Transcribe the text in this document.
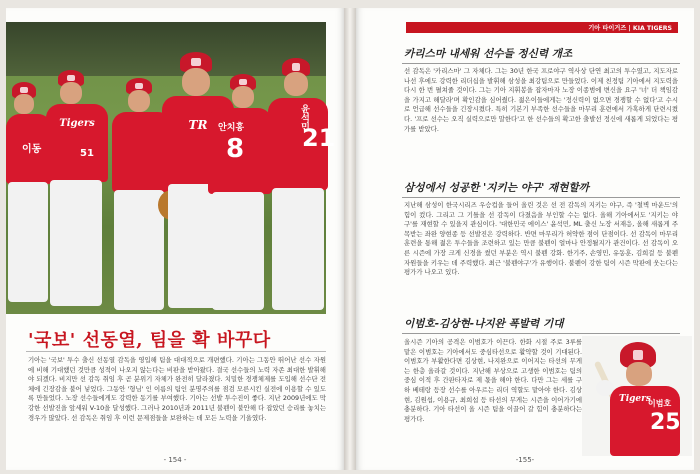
이동
Tigers
51
TR	안치홍
8
윤석민
21
'국보' 선동열, 팀을 확 바꾸다
기아는 '국보' 투수 출신 선동열 감독을 영입해 팀을 대대적으로 개편했다. 기아는 그동안 뛰어난 선수 자원에 비해 기대했던 것만큼 성적이 나오지 않는다는 비판을 받아왔다. 결국 선수들의 노력 자존 최대한 발휘해야 되겠다. 비지만 선 감독 취임 후 곧 분위기 자체가 완전히 달라졌다. 치밀한 경쟁체제를 도입해 선수단 전체에 긴장감을 불어 넣었다. 그동안 '형님' 인 이름의 팀인 분명주의를 점검 모른시킨 실전에 이용할 수 있도록 만들었다. 노장 선수들에게도 강력한 동기를 부여했다. 기아는 선발 투수진이 좋다. 지난 2009년에도 막강한 선발진을 앞세워 V-10을 달성했다. 그러나 2010년과 2011년 불펜이 불안해 다 잡았던 승리를 놓치는 경우가 많았다. 선 감독은 취임 후 이런 문제점들을 보완하는 데 모든 노력을 기울였다.
- 154 -
기아 타이거즈 | KIA TIGERS
카리스마 내세워 선수들 정신력 개조
선 감독은 '카리스마' 그 자체다. 그는 30년 한국 프로야구 역사상 단연 최고의 투수였고, 지도자로 나선 후에도 강력한 리더십을 발휘해 삼성을 최강팀으로 만들었다. 이제 친정팀 기아에서 지도력을 다시 한 번 펼쳐줄 것이다. 그는 기아 지휘봉을 잡자마자 노장 이종범에 변신을 요구 '너' 더 책임감을 가지고 해달라'며 확인감을 심어줬다. 젊은이들에게는 '정신력이 없으면 경쟁할 수 없다'고 수시로 언급해 선수들을 긴장시켰다. 특히 기본기 부족한 선수들을 마무리 훈련에서 가혹하게 단련시켰다. '프로 선수는 오직 실력으로만 말한다'고 한 선수들의 확고한 출발선 정신에 새롭게 되었다는 평가를 받았다.
삼성에서 성공한 '지키는 야구' 재현할까
지난해 삼성이 한국시리즈 우승컵을 들어 올린 것은 선 전 감독의 지키는 야구, 즉 '철벽 마운드'의 힘이 컸다. 그리고 그 기틀을 선 감독이 다졌음을 부인할 수는 없다. 올해 기아에서도 '지키는 야구'를 재현할 수 있을지 관심이다. '대한민국 에이스' 윤석민, ML 출신 노장 서재응, 올해 새롭게 주목받는 좌완 양현종 등 선발진은 강력하다. 반면 마무리가 허약한 점이 단점이다. 선 감독이 마무리 훈련을 통해 젊은 투수들을 조련하고 있는 만큼 불펜이 얼마나 안정될지가 관건이다. 선 감독이 오른 시즌에 가장 크게 신경을 썼던 부분은 역시 불펜 강화. 한기주, 손영민, 유동훈, 김희걸 등 불펜 자원들을 키우는 데 주력했다. 최근 '불펜야구'가 유행이다. 불펜이 강한 팀이 시즌 막판에 웃는다는 평가가 나오고 있다.
이범호-김상현-나지완 폭발력 기대
올시즌 기아의 공격은 이범호가 이끈다. 한화 시절 주로 3루를 맡은 이범호는 기아에서도 중심타선으로 활약할 것이 기대된다. 이범호가 부활한다면 김상현, 나지완으로 이어지는 타선의 무게는 한층 올라갈 것이다. 지난해 부상으로 고생한 이범호는 팀의 중심 이적 후 간판타자로 제 몫을 해야 한다. 다만 그는 세를 구하 베테랑 등장 선수를 아우르는 리더 역할도 맡아야 한다. 김상현, 김원섭, 이용규, 최희섭 등 타선의 무게는 시즌을 이어가기에 충분하다. 기아 타선이 올 시즌 팀을 이끌어 갈 힘이 충분하다는 평가다.
Tigers
이범호
25
-155-
